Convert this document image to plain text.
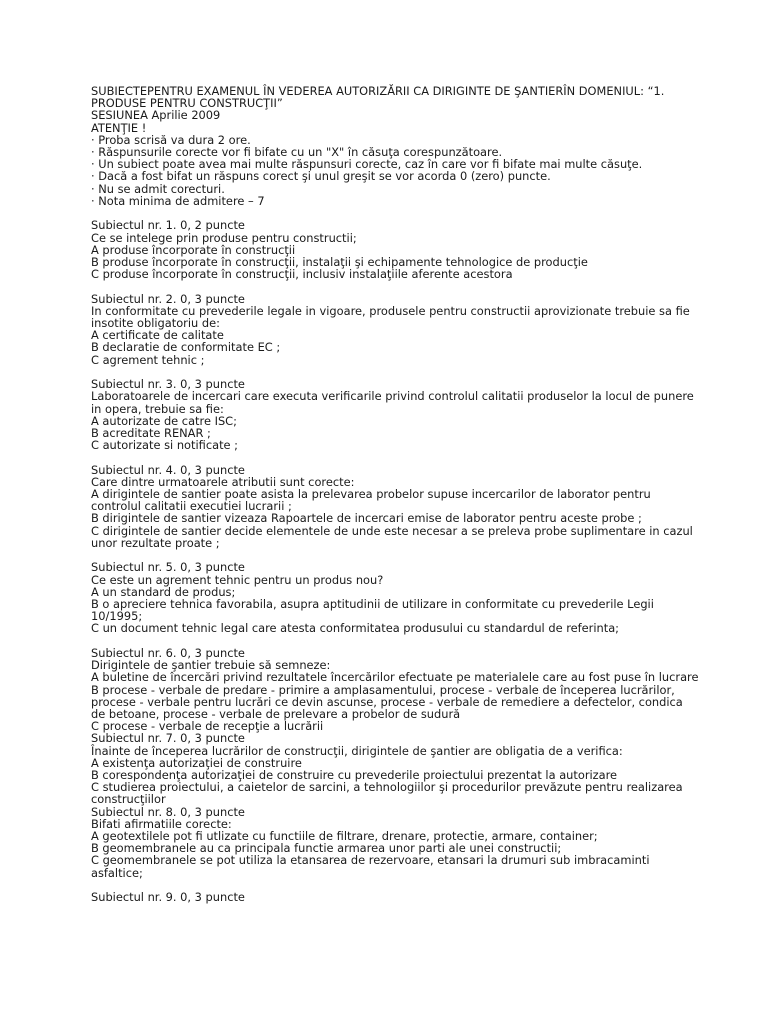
SUBIECTEPENTRU EXAMENUL ÎN VEDEREA AUTORIZĂRII CA DIRIGINTE DE ŞANTIERÎN DOMENIUL: “1.
PRODUSE PENTRU CONSTRUCŢII”
SESIUNEA Aprilie 2009
ATENŢIE !
· Proba scrisă va dura 2 ore.
· Răspunsurile corecte vor fi bifate cu un "X" în căsuţa corespunzătoare.
· Un subiect poate avea mai multe răspunsuri corecte, caz în care vor fi bifate mai multe căsuţe.
· Dacă a fost bifat un răspuns corect şi unul greşit se vor acorda 0 (zero) puncte.
· Nu se admit corecturi.
· Nota minima de admitere – 7
Subiectul nr. 1. 0, 2 puncte
Ce se intelege prin produse pentru constructii;
A produse încorporate în construcţii
B produse încorporate în construcţii, instalaţii şi echipamente tehnologice de producţie
C produse încorporate în construcţii, inclusiv instalaţiile aferente acestora
Subiectul nr. 2. 0, 3 puncte
In conformitate cu prevederile legale in vigoare, produsele pentru constructii aprovizionate trebuie sa fie
insotite obligatoriu de:
A certificate de calitate
B declaratie de conformitate EC ;
C agrement tehnic ;
Subiectul nr. 3. 0, 3 puncte
Laboratoarele de incercari care executa verificarile privind controlul calitatii produselor la locul de punere
in opera, trebuie sa fie:
A autorizate de catre ISC;
B acreditate RENAR ;
C autorizate si notificate ;
Subiectul nr. 4. 0, 3 puncte
Care dintre urmatoarele atributii sunt corecte:
A dirigintele de santier poate asista la prelevarea probelor supuse incercarilor de laborator pentru
controlul calitatii executiei lucrarii ;
B dirigintele de santier vizeaza Rapoartele de incercari emise de laborator pentru aceste probe ;
C dirigintele de santier decide elementele de unde este necesar a se preleva probe suplimentare in cazul
unor rezultate proate ;
Subiectul nr. 5. 0, 3 puncte
Ce este un agrement tehnic pentru un produs nou?
A un standard de produs;
B o apreciere tehnica favorabila, asupra aptitudinii de utilizare in conformitate cu prevederile Legii
10/1995;
C un document tehnic legal care atesta conformitatea produsului cu standardul de referinta;
Subiectul nr. 6. 0, 3 puncte
Dirigintele de şantier trebuie să semneze:
A buletine de încercări privind rezultatele încercărilor efectuate pe materialele care au fost puse în lucrare
B procese - verbale de predare - primire a amplasamentului, procese - verbale de începerea lucrărilor,
procese - verbale pentru lucrări ce devin ascunse, procese - verbale de remediere a defectelor, condica
de betoane, procese - verbale de prelevare a probelor de sudură
C procese - verbale de recepţie a lucrării
Subiectul nr. 7. 0, 3 puncte
Înainte de începerea lucrărilor de construcţii, dirigintele de şantier are obligatia de a verifica:
A existenţa autorizaţiei de construire
B corespondenţa autorizaţiei de construire cu prevederile proiectului prezentat la autorizare
C studierea proiectului, a caietelor de sarcini, a tehnologiilor şi procedurilor prevăzute pentru realizarea
construcţiilor
Subiectul nr. 8. 0, 3 puncte
Bifati afirmatiile corecte:
A geotextilele pot fi utlizate cu functiile de filtrare, drenare, protectie, armare, container;
B geomembranele au ca principala functie armarea unor parti ale unei constructii;
C geomembranele se pot utiliza la etansarea de rezervoare, etansari la drumuri sub imbracaminti
asfaltice;
Subiectul nr. 9. 0, 3 puncte
